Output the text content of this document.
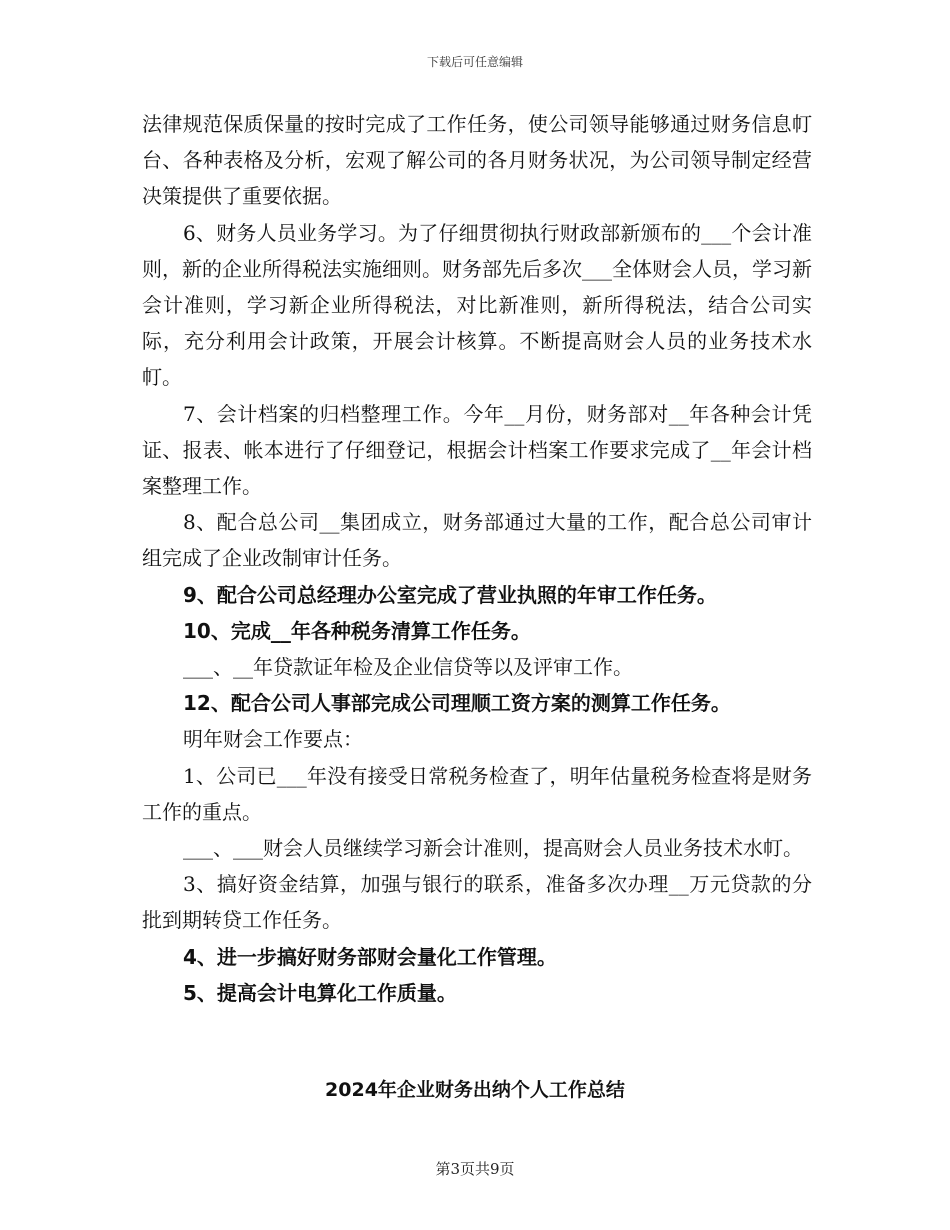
下载后可任意编辑

法律规范保质保量的按时完成了工作任务，使公司领导能够通过财务信息帄台、各种表格及分析，宏观了解公司的各月财务状况，为公司领导制定经营决策提供了重要依据。

6、财务人员业务学习。为了仔细贯彻执行财政部新颁布的___个会计准则，新的企业所得税法实施细则。财务部先后多次___全体财会人员，学习新会计准则，学习新企业所得税法，对比新准则，新所得税法，结合公司实际，充分利用会计政策，开展会计核算。不断提高财会人员的业务技术水帄。

7、会计档案的归档整理工作。今年__月份，财务部对__年各种会计凭证、报表、帐本进行了仔细登记，根据会计档案工作要求完成了__年会计档案整理工作。

8、配合总公司__集团成立，财务部通过大量的工作，配合总公司审计组完成了企业改制审计任务。

9、配合公司总经理办公室完成了营业执照的年审工作任务。

10、完成__年各种税务清算工作任务。

___、__年贷款证年检及企业信贷等以及评审工作。

12、配合公司人事部完成公司理顺工资方案的测算工作任务。

明年财会工作要点：

1、公司已___年没有接受日常税务检查了，明年估量税务检查将是财务工作的重点。

___、___财会人员继续学习新会计准则，提高财会人员业务技术水帄。

3、搞好资金结算，加强与银行的联系，准备多次办理__万元贷款的分批到期转贷工作任务。

4、进一步搞好财务部财会量化工作管理。

5、提高会计电算化工作质量。

2024年企业财务出纳个人工作总结
第3页共9页
